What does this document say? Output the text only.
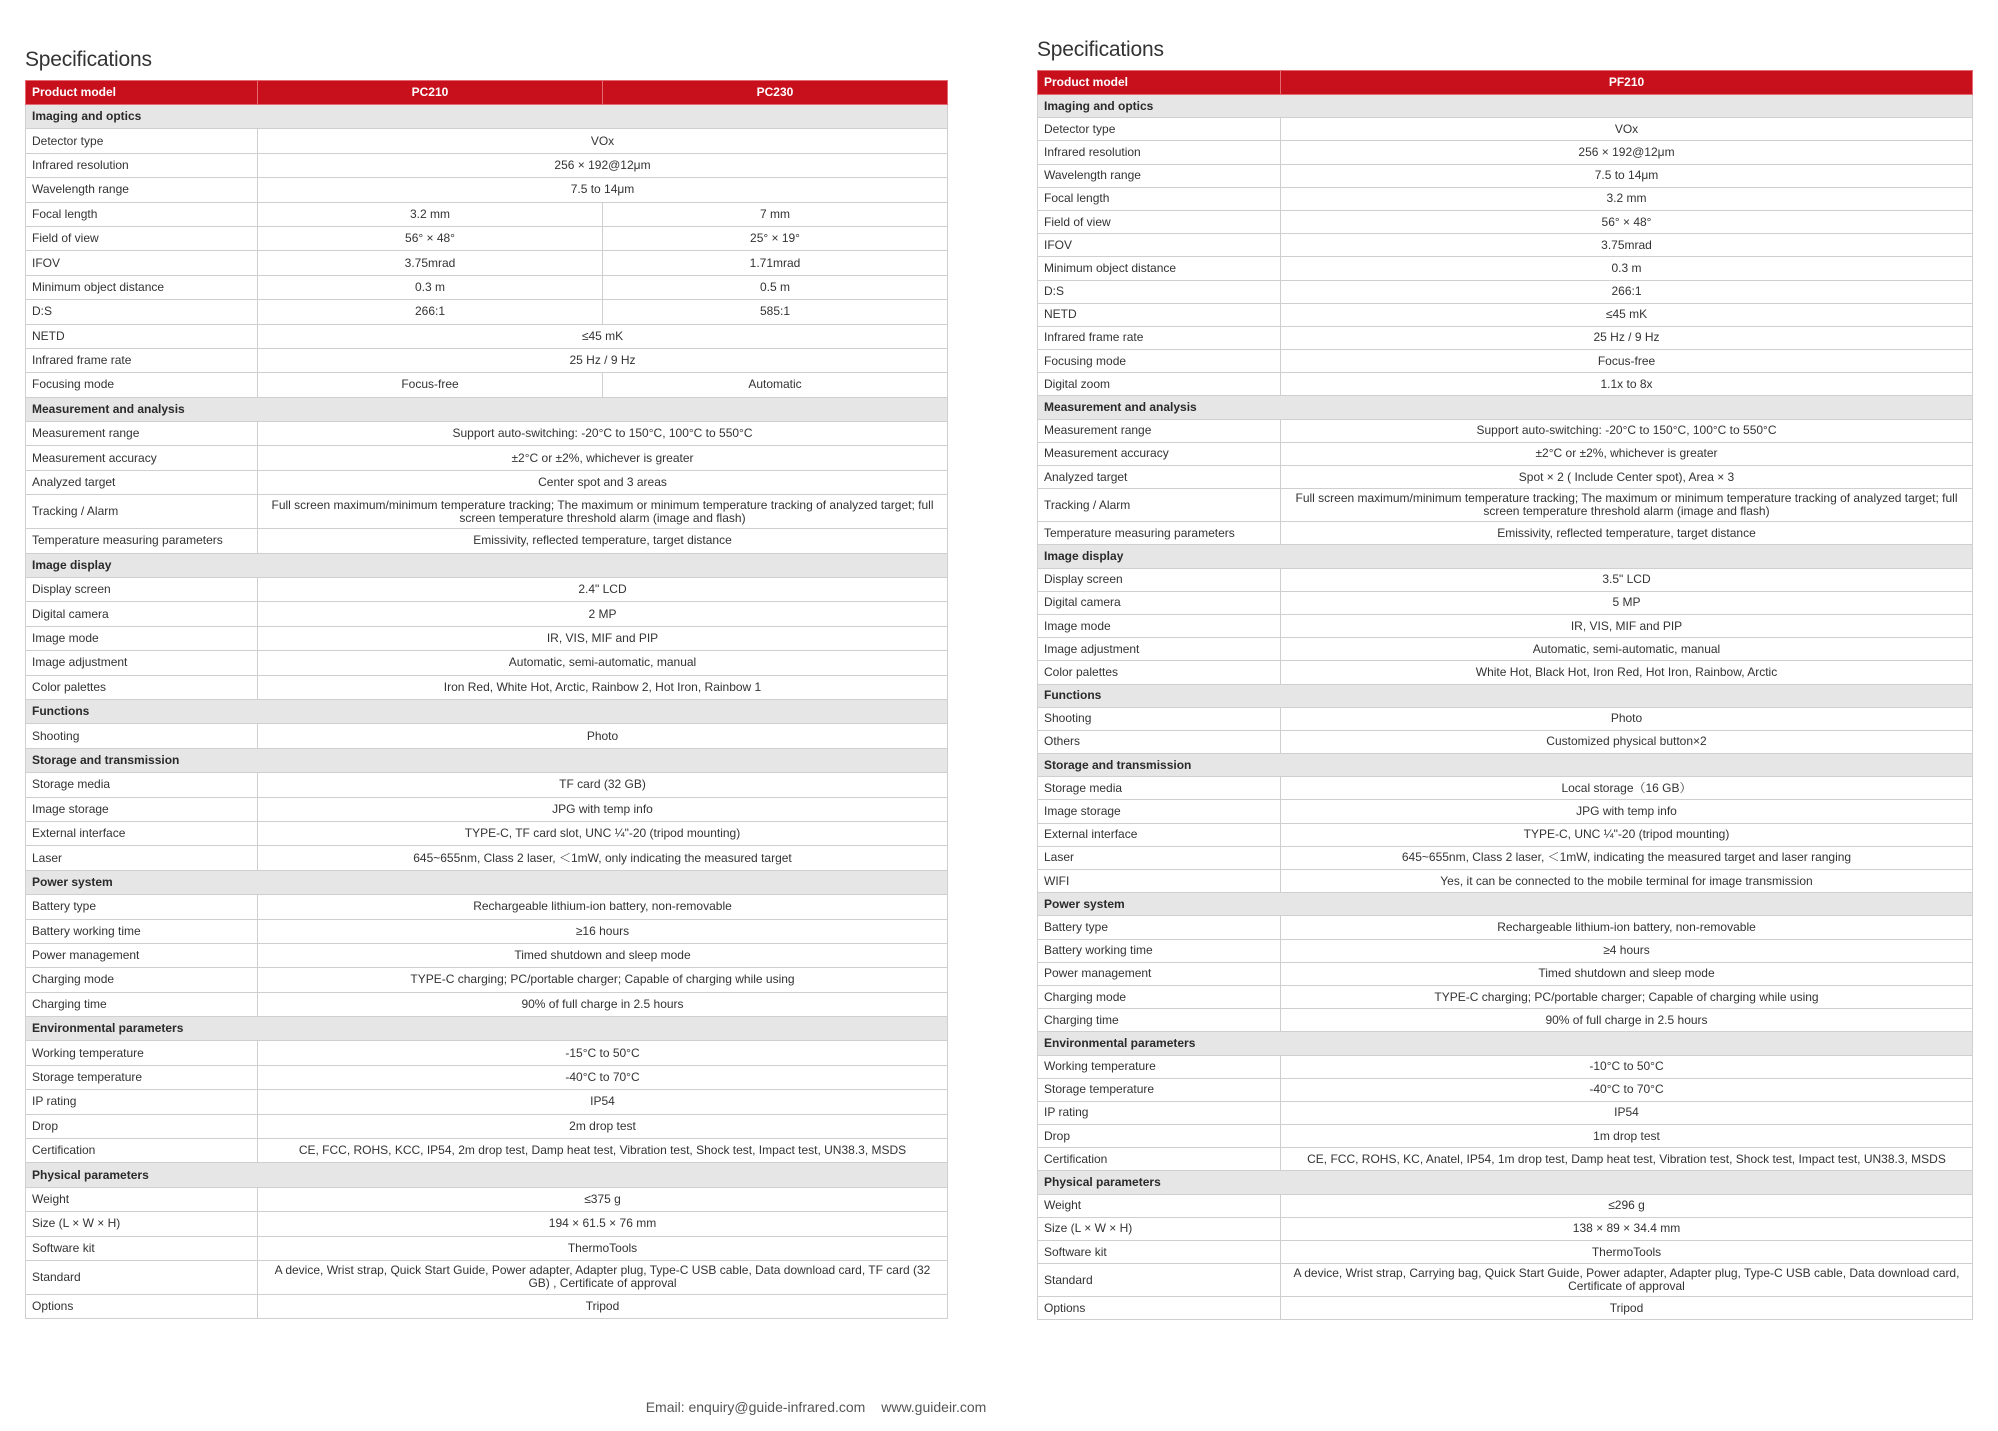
Specifications
Product model	PC210	PC230
Imaging and optics		
Detector type	VOx	
Infrared resolution	256 × 192@12μm	
Wavelength range	7.5 to 14μm	
Focal length	3.2 mm	7 mm
Field of view	56° × 48°	25° × 19°
IFOV	3.75mrad	1.71mrad
Minimum object distance	0.3 m	0.5 m
D:S	266:1	585:1
NETD	≤45 mK	
Infrared frame rate	25 Hz / 9 Hz	
Focusing mode	Focus-free	Automatic
Measurement and analysis		
Measurement range	Support auto-switching: -20°C to 150°C, 100°C to 550°C	
Measurement accuracy	±2°C or ±2%, whichever is greater	
Analyzed target	Center spot and 3 areas	
Tracking / Alarm	Full screen maximum/minimum temperature tracking; The maximum or minimum temperature tracking of analyzed target; full screen temperature threshold alarm (image and flash)	
Temperature measuring parameters	Emissivity, reflected temperature, target distance	
Image display		
Display screen	2.4" LCD	
Digital camera	2 MP	
Image mode	IR, VIS, MIF and PIP	
Image adjustment	Automatic, semi-automatic, manual	
Color palettes	Iron Red, White Hot, Arctic, Rainbow 2, Hot Iron, Rainbow 1	
Functions		
Shooting	Photo	
Storage and transmission		
Storage media	TF card (32 GB)	
Image storage	JPG with temp info	
External interface	TYPE-C, TF card slot, UNC ¼"-20 (tripod mounting)	
Laser	645~655nm, Class 2 laser, ＜1mW, only indicating the measured target	
Power system		
Battery type	Rechargeable lithium-ion battery, non-removable	
Battery working time	≥16 hours	
Power management	Timed shutdown and sleep mode	
Charging mode	TYPE-C charging; PC/portable charger; Capable of charging while using	
Charging time	90% of full charge in 2.5 hours	
Environmental parameters		
Working temperature	-15°C to 50°C	
Storage temperature	-40°C to 70°C	
IP rating	IP54	
Drop	2m drop test	
Certification	CE, FCC, ROHS, KCC, IP54, 2m drop test, Damp heat test, Vibration test, Shock test, Impact test, UN38.3, MSDS	
Physical parameters		
Weight	≤375 g	
Size (L × W × H)	194 × 61.5 × 76 mm	
Software kit	ThermoTools	
Standard	A device, Wrist strap, Quick Start Guide, Power adapter, Adapter plug, Type-C USB cable, Data download card, TF card (32 GB) , Certificate of approval	
Options	Tripod	
Specifications
Product model	PF210
Imaging and optics	
Detector type	VOx
Infrared resolution	256 × 192@12μm
Wavelength range	7.5 to 14μm
Focal length	3.2 mm
Field of view	56° × 48°
IFOV	3.75mrad
Minimum object distance	0.3 m
D:S	266:1
NETD	≤45 mK
Infrared frame rate	25 Hz / 9 Hz
Focusing mode	Focus-free
Digital zoom	1.1x to 8x
Measurement and analysis	
Measurement range	Support auto-switching: -20°C to 150°C, 100°C to 550°C
Measurement accuracy	±2°C or ±2%, whichever is greater
Analyzed target	Spot × 2 ( Include Center spot), Area × 3
Tracking / Alarm	Full screen maximum/minimum temperature tracking; The maximum or minimum temperature tracking of analyzed target; full screen temperature threshold alarm (image and flash)
Temperature measuring parameters	Emissivity, reflected temperature, target distance
Image display	
Display screen	3.5" LCD
Digital camera	5 MP
Image mode	IR, VIS, MIF and PIP
Image adjustment	Automatic, semi-automatic, manual
Color palettes	White Hot, Black Hot, Iron Red, Hot Iron, Rainbow, Arctic
Functions	
Shooting	Photo
Others	Customized physical button×2
Storage and transmission	
Storage media	Local storage（16 GB）
Image storage	JPG with temp info
External interface	TYPE-C, UNC ¼"-20 (tripod mounting)
Laser	645~655nm, Class 2 laser, ＜1mW, indicating the measured target and laser ranging
WIFI	Yes, it can be connected to the mobile terminal for image transmission
Power system	
Battery type	Rechargeable lithium-ion battery, non-removable
Battery working time	≥4 hours
Power management	Timed shutdown and sleep mode
Charging mode	TYPE-C charging; PC/portable charger; Capable of charging while using
Charging time	90% of full charge in 2.5 hours
Environmental parameters	
Working temperature	-10°C to 50°C
Storage temperature	-40°C to 70°C
IP rating	IP54
Drop	1m drop test
Certification	CE, FCC, ROHS, KC, Anatel, IP54, 1m drop test, Damp heat test, Vibration test, Shock test, Impact test, UN38.3, MSDS
Physical parameters	
Weight	≤296 g
Size (L × W × H)	138 × 89 × 34.4 mm
Software kit	ThermoTools
Standard	A device, Wrist strap, Carrying bag, Quick Start Guide, Power adapter, Adapter plug, Type-C USB cable, Data download card, Certificate of approval
Options	Tripod
Email: enquiry@guide-infrared.com www.guideir.com
